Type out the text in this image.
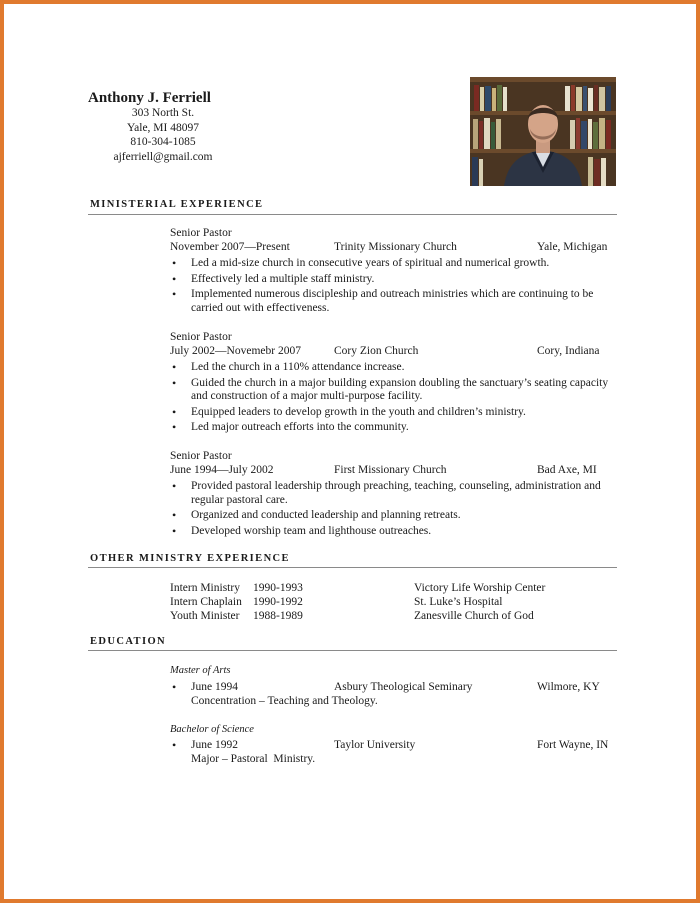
Anthony J. Ferriell
303 North St.
Yale, MI 48097
810-304-1085
ajferriell@gmail.com
MINISTERIAL EXPERIENCE
Senior Pastor
November 2007—Present	Trinity Missionary Church	Yale, Michigan
• Led a mid-size church in consecutive years of spiritual and numerical growth.
• Effectively led a multiple staff ministry.
• Implemented numerous discipleship and outreach ministries which are continuing to be carried out with effectiveness.
Senior Pastor
July 2002—Novemebr 2007	Cory Zion Church	Cory, Indiana
• Led the church in a 110% attendance increase.
• Guided the church in a major building expansion doubling the sanctuary’s seating capacity and construction of a major multi-purpose facility.
• Equipped leaders to develop growth in the youth and children’s ministry.
• Led major outreach efforts into the community.
Senior Pastor
June 1994—July 2002	First Missionary Church	Bad Axe, MI
• Provided pastoral leadership through preaching, teaching, counseling, administration and regular pastoral care.
• Organized and conducted leadership and planning retreats.
• Developed worship team and lighthouse outreaches.
OTHER MINISTRY EXPERIENCE
Intern Ministry 1990-1993	Victory Life Worship Center
Intern Chaplain 1990-1992	St. Luke’s Hospital
Youth Minister 1988-1989	Zanesville Church of God
EDUCATION
Master of Arts
• June 1994	Asbury Theological Seminary	Wilmore, KY
Concentration – Teaching and Theology.
Bachelor of Science
• June 1992	Taylor University	Fort Wayne, IN
Major – Pastoral  Ministry.
